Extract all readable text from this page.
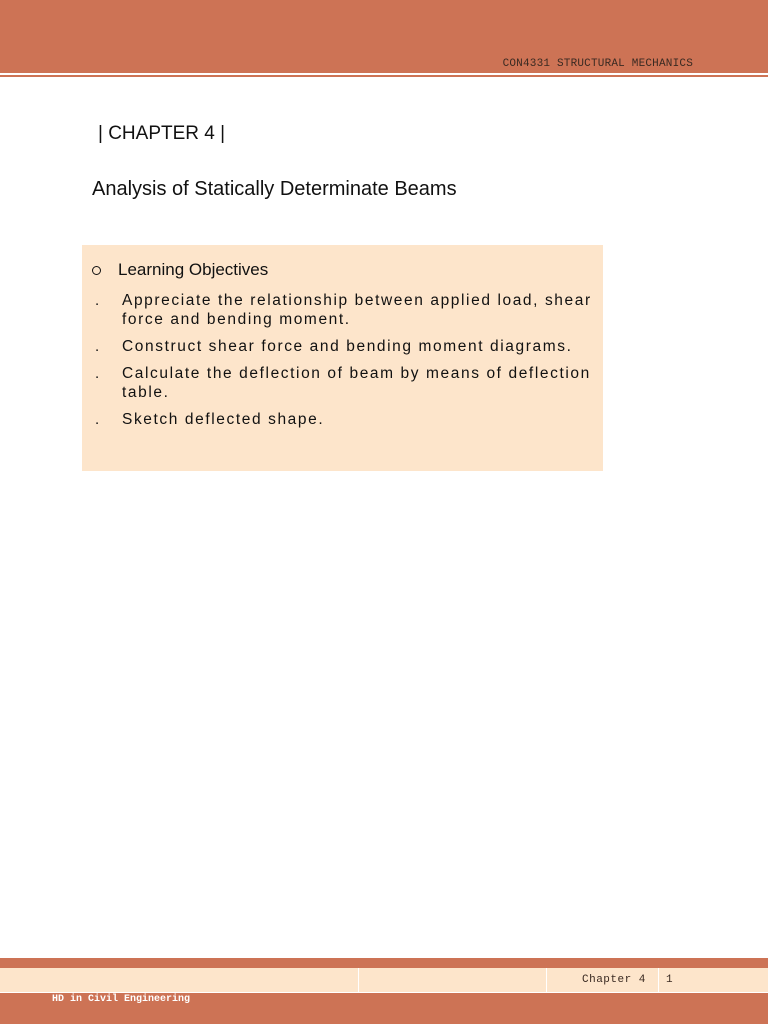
CON4331 STRUCTURAL MECHANICS
| CHAPTER 4 |
Analysis of Statically Determinate Beams
Learning Objectives
.	Appreciate the relationship between applied load, shear force and bending moment.
.	Construct shear force and bending moment diagrams.
.	Calculate the deflection of beam by means of deflection table.
.	Sketch deflected shape.
Chapter 4 1
HD in Civil Engineering
